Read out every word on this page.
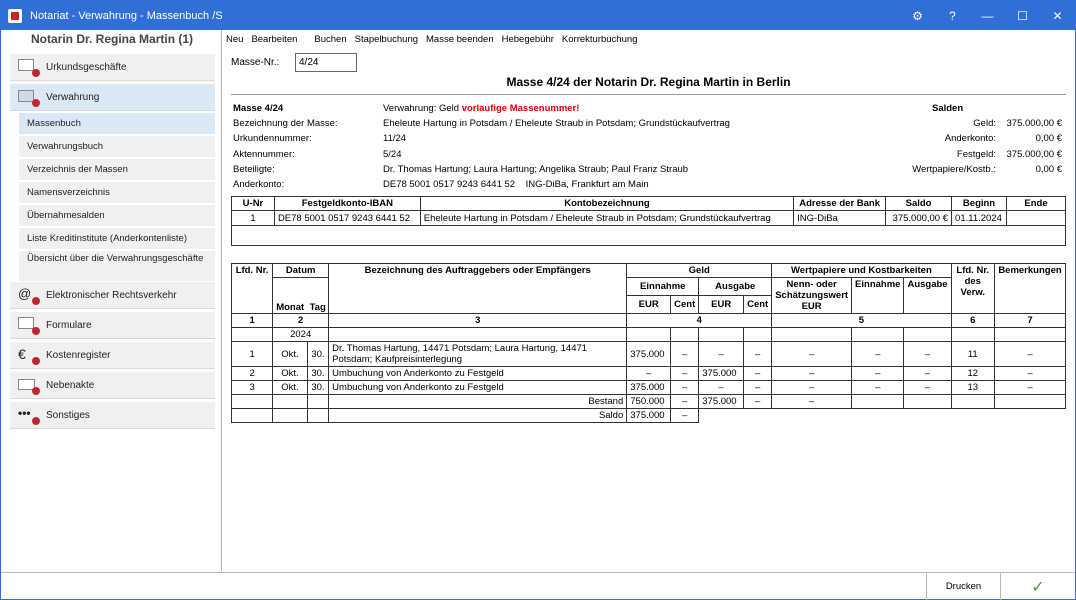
Notariat - Verwahrung - Massenbuch /S	⚙	?	—	☐	✕
Notarin Dr. Regina Martin (1)
Urkundsgeschäfte
Verwahrung
Massenbuch
Verwahrungsbuch
Verzeichnis der Massen
Namensverzeichnis
Übernahmesalden
Liste Kreditinstitute (Anderkontenliste)
Übersicht über die Verwahrungsgeschäfte
@	Elektronischer Rechtsverkehr
Formulare
€	Kostenregister
Nebenakte
•••	Sonstiges
Neu Bearbeiten Buchen Stapelbuchung Masse beenden Hebegebühr Korrekturbuchung
Masse-Nr.:
4/24
Masse 4/24 der Notarin Dr. Regina Martin in Berlin
Masse 4/24	Verwahrung: Geld vorlaufige Massenummer!	Salden
Bezeichnung der Masse:	Eheleute Hartung in Potsdam / Eheleute Straub in Potsdam; Grundstückaufvertrag	Geld: 375.000,00 €
Urkundennummer:	11/24	Anderkonto:	0,00 €
Aktennummer:	5/24	Festgeld: 375.000,00 €
Beteiligte:	Dr. Thomas Hartung; Laura Hartung; Angelika Straub; Paul Franz Straub	Wertpapiere/Kostb.:	0,00 €
Anderkonto:	DE78 5001 0517 9243 6441 52    ING-DiBa, Frankfurt am Main
U-Nr	Festgeldkonto-IBAN	Kontobezeichnung	Adresse der Bank	Saldo	Beginn	Ende
1	DE78 5001 0517 9243 6441 52	Eheleute Hartung in Potsdam / Eheleute Straub in Potsdam; Grundstückaufvertrag	ING-DiBa	375.000,00 €	01.11.2024	

Lfd. Nr.	Datum		Bezeichnung des Auftraggebers oder Empfängers	Geld				Wertpapiere und Kostbarkeiten			Lfd. Nr. des Verw.	Bemerkungen

	Monat Tag			Einnahme		Ausgabe		Nenn- oder Schätzungswert EUR	Einnahme	Ausgabe		
				EUR	Cent	EUR	Cent					
1	2		3	4				5			6	7
	2024											
1	Okt.	30.	Dr. Thomas Hartung, 14471 Potsdam; Laura Hartung, 14471 Potsdam; Kaufpreisinterlegung	375.000	–	–	–	–	–	–	11	–
2	Okt.	30.	Umbuchung von Anderkonto zu Festgeld	–	–	375.000	–	–	–	–	12	–
3	Okt.	30.	Umbuchung von Anderkonto zu Festgeld	375.000	–	–	–	–	–	–	13	–
			Bestand	750.000	–	375.000	–	–				
			Saldo	375.000	–							
Drucken	✓
